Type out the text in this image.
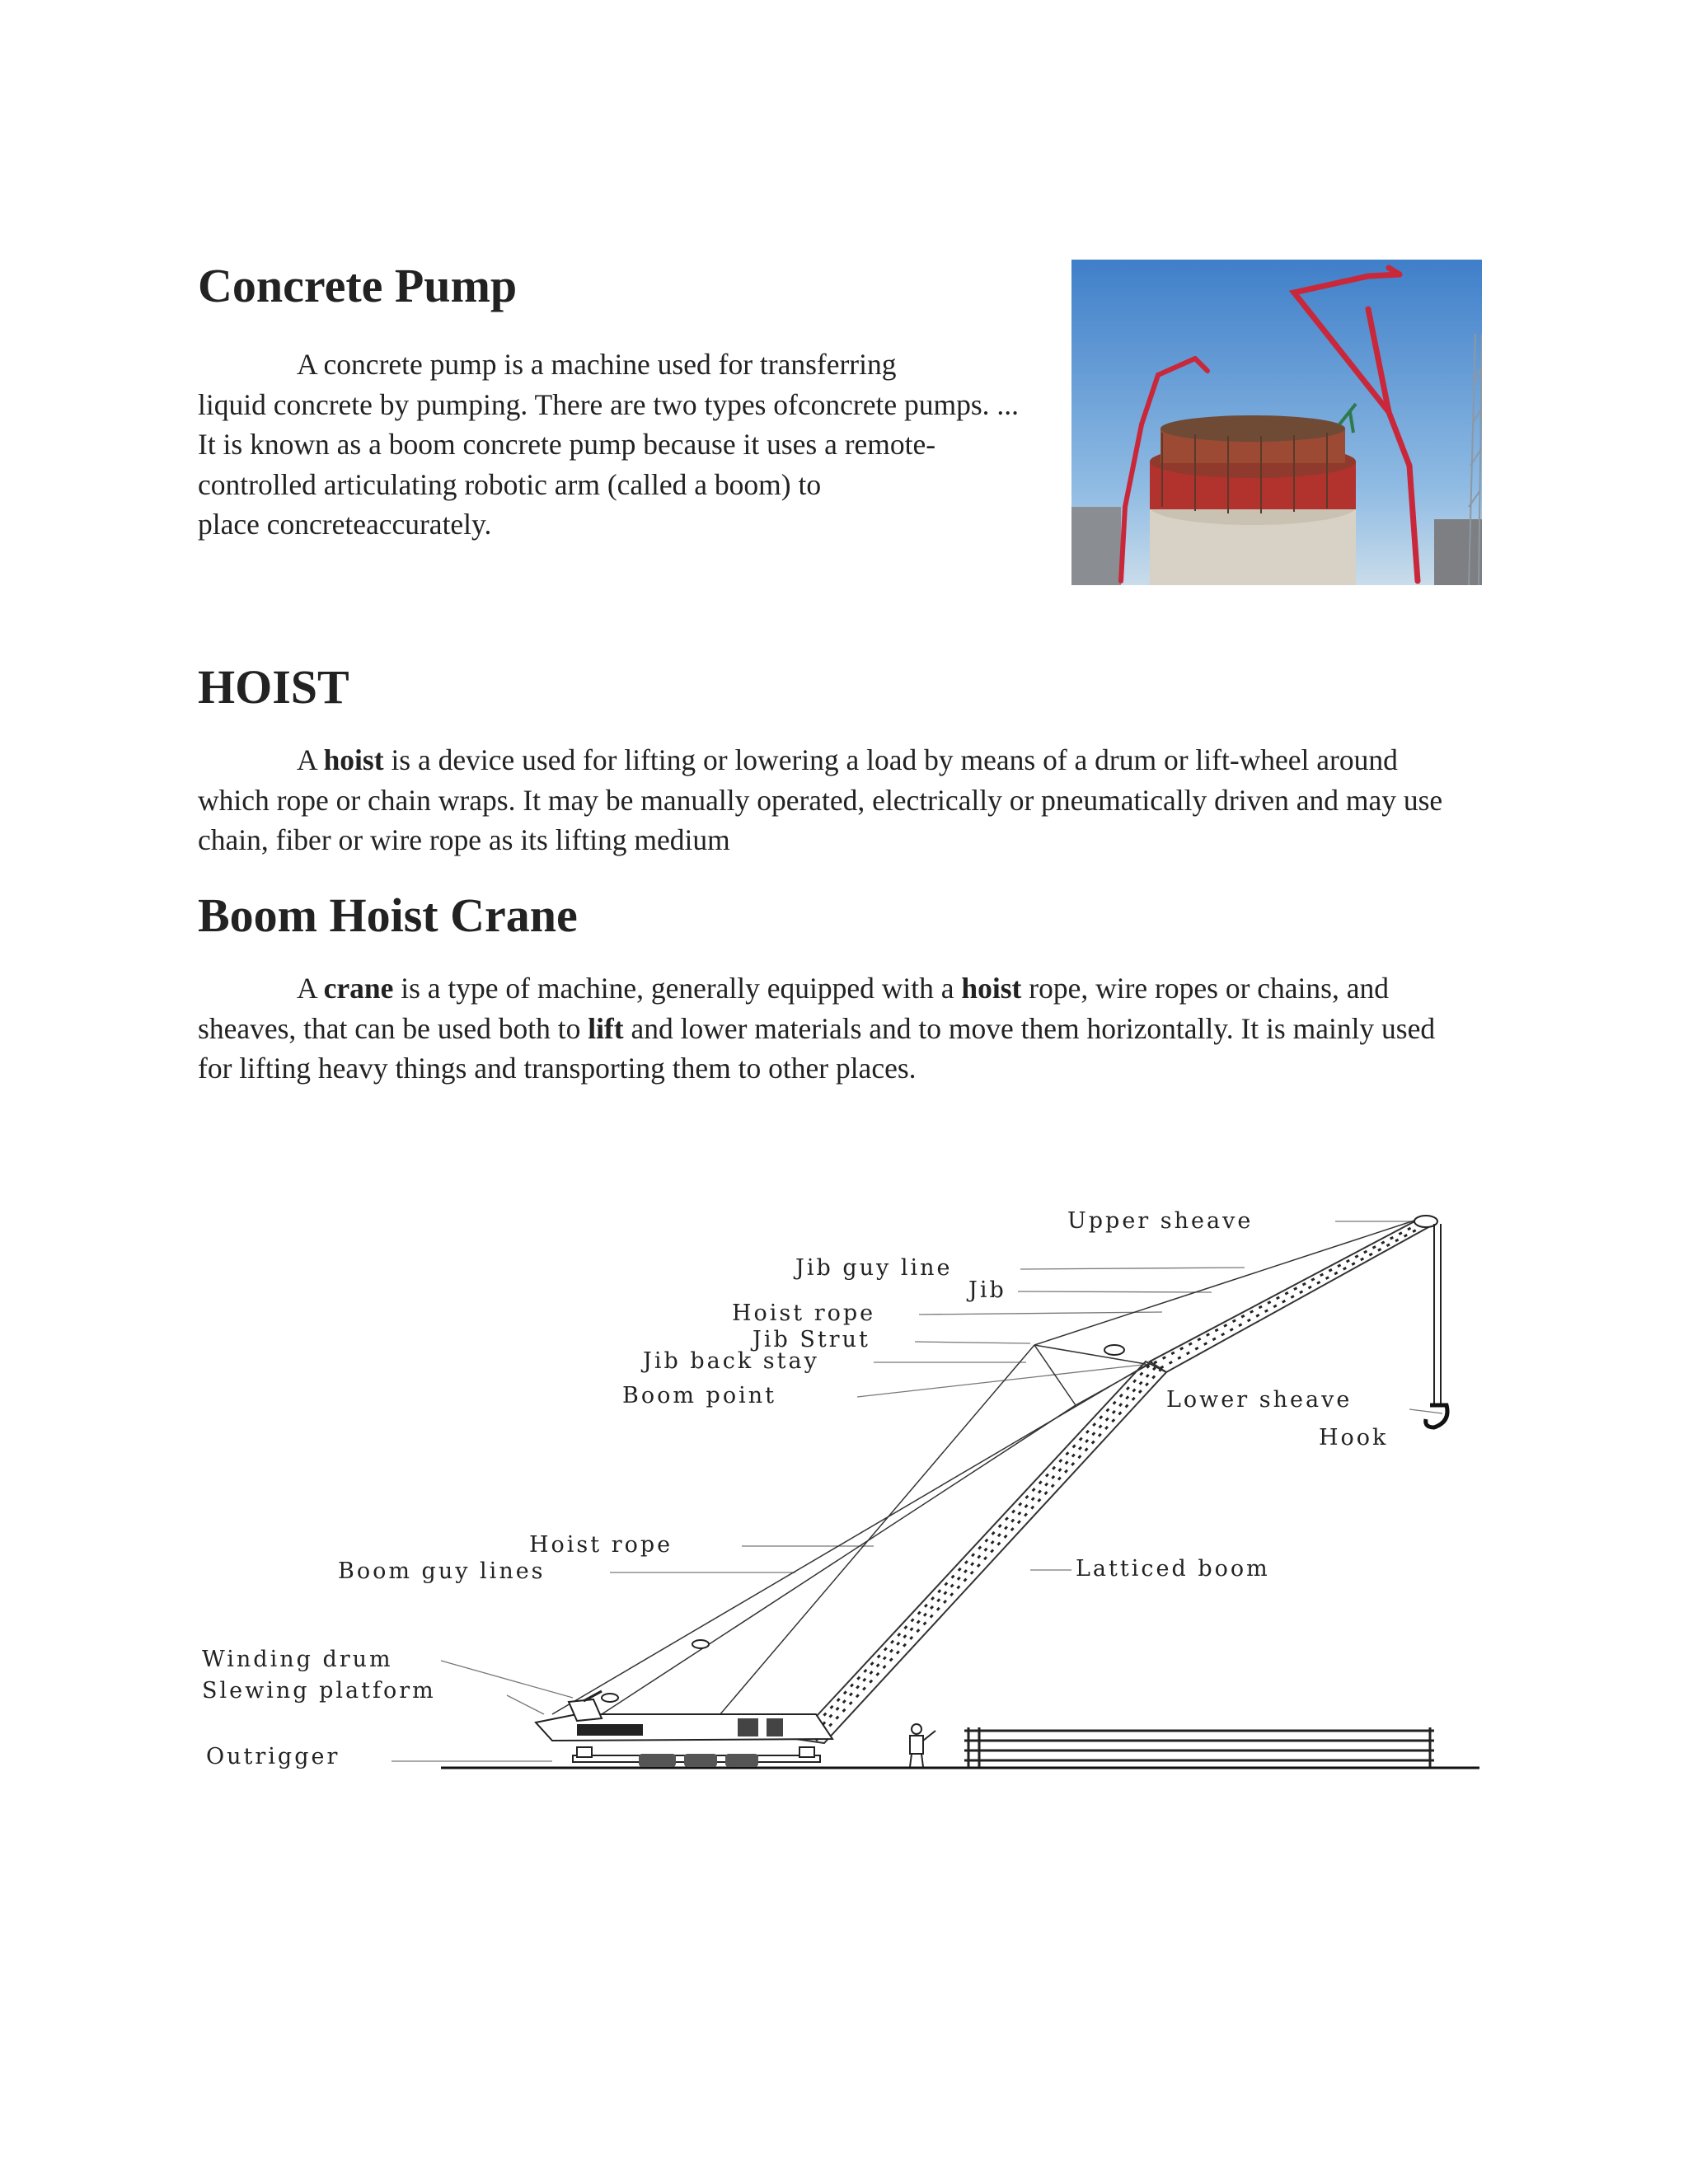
Concrete Pump
A concrete pump is a machine used for transferring
liquid concrete by pumping. There are two types ofconcrete pumps. ...
It is known as a boom concrete pump because it uses a remote-
controlled articulating robotic arm (called a boom) to
place concreteaccurately.
HOIST
A hoist is a device used for lifting or lowering a load by means of a drum or lift-wheel around
which rope or chain wraps. It may be manually operated, electrically or pneumatically driven and may use
chain, fiber or wire rope as its lifting medium
Boom Hoist Crane
A crane is a type of machine, generally equipped with a hoist rope, wire ropes or chains, and
sheaves, that can be used both to lift and lower materials and to move them horizontally. It is mainly used
for lifting heavy things and transporting them to other places.
Upper sheave
Jib guy line
Jib
Hoist rope
Jib Strut
Jib back stay
Boom point	Lower sheave
Hook
Hoist rope
Boom guy lines	Latticed boom
Winding drum
Slewing platform
Outrigger
